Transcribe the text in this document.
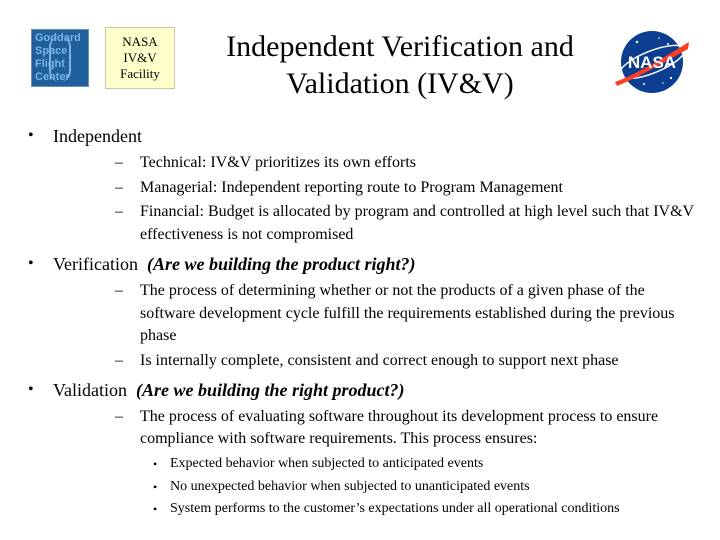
Goddard
Space
Flight
Center
NASA
IV&V
Facility
Independent Verification and
Validation (IV&V)
NASA
• Independent
– Technical: IV&V prioritizes its own efforts
– Managerial: Independent reporting route to Program Management
– Financial: Budget is allocated by program and controlled at high level such that IV&V effectiveness is not compromised
• Verification (Are we building the product right?)
– The process of determining whether or not the products of a given phase of the software development cycle fulfill the requirements established during the previous phase
– Is internally complete, consistent and correct enough to support next phase
• Validation (Are we building the right product?)
– The process of evaluating software throughout its development process to ensure compliance with software requirements. This process ensures:
• Expected behavior when subjected to anticipated events
• No unexpected behavior when subjected to unanticipated events
• System performs to the customer’s expectations under all operational conditions
